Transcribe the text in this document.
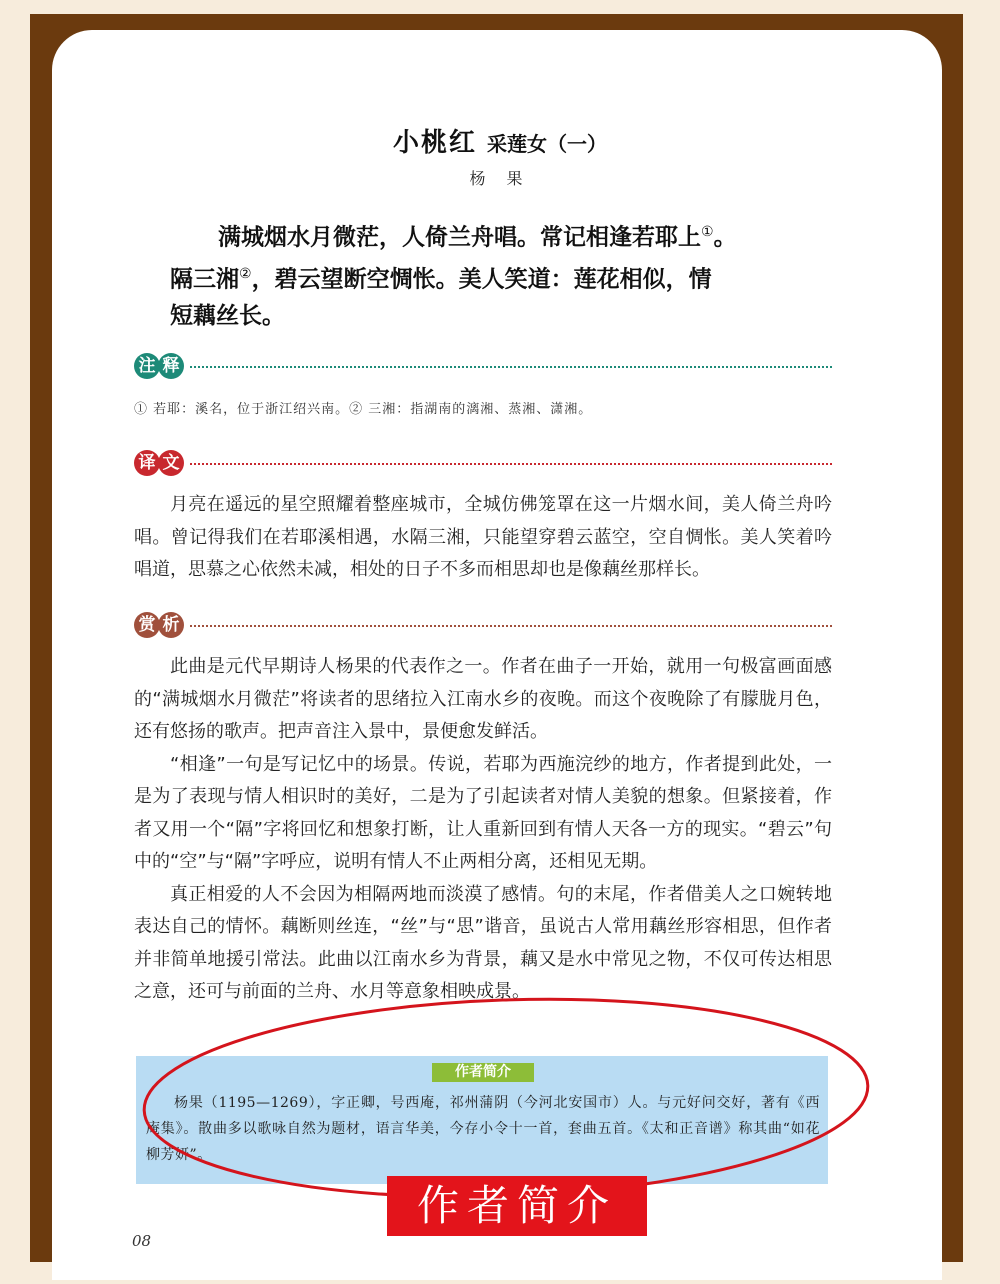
小桃红 采莲女（一）
杨 果
满城烟水月微茫，人倚兰舟唱。常记相逢若耶上①。
隔三湘②，碧云望断空惆怅。美人笑道：莲花相似，情
短藕丝长。
注 释
① 若耶：溪名，位于浙江绍兴南。② 三湘：指湖南的漓湘、蒸湘、潇湘。
译 文

月亮在遥远的星空照耀着整座城市，全城仿佛笼罩在这一片烟水间，美人倚兰舟吟唱。曾记得我们在若耶溪相遇，水隔三湘，只能望穿碧云蓝空，空自惆怅。美人笑着吟唱道，思慕之心依然未减，相处的日子不多而相思却也是像藕丝那样长。

赏 析

此曲是元代早期诗人杨果的代表作之一。作者在曲子一开始，就用一句极富画面感的“满城烟水月微茫”将读者的思绪拉入江南水乡的夜晚。而这个夜晚除了有朦胧月色，还有悠扬的歌声。把声音注入景中，景便愈发鲜活。

“相逢”一句是写记忆中的场景。传说，若耶为西施浣纱的地方，作者提到此处，一是为了表现与情人相识时的美好，二是为了引起读者对情人美貌的想象。但紧接着，作者又用一个“隔”字将回忆和想象打断，让人重新回到有情人天各一方的现实。“碧云”句中的“空”与“隔”字呼应，说明有情人不止两相分离，还相见无期。

真正相爱的人不会因为相隔两地而淡漠了感情。句的末尾，作者借美人之口婉转地表达自己的情怀。藕断则丝连，“丝”与“思”谐音，虽说古人常用藕丝形容相思，但作者并非简单地援引常法。此曲以江南水乡为背景，藕又是水中常见之物，不仅可传达相思之意，还可与前面的兰舟、水月等意象相映成景。

作者简介
杨果（1195—1269），字正卿，号西庵，祁州蒲阴（今河北安国市）人。与元好问交好，著有《西庵集》。散曲多以歌咏自然为题材，语言华美，今存小令十一首，套曲五首。《太和正音谱》称其曲“如花柳芳妍”。
作者简介
08
